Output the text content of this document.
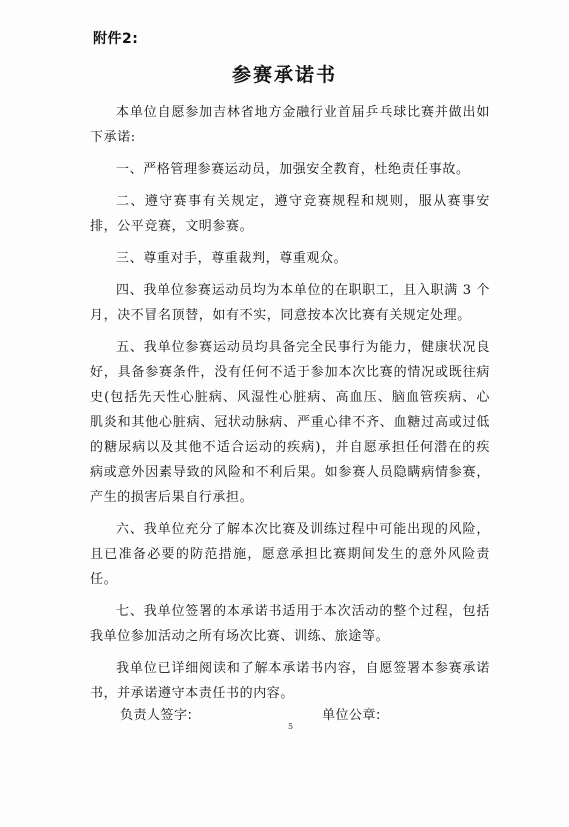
附件2:
参赛承诺书

本单位自愿参加吉林省地方金融行业首届乒乓球比赛并做出如下承诺:

一、严格管理参赛运动员，加强安全教育，杜绝责任事故。

二、遵守赛事有关规定，遵守竞赛规程和规则，服从赛事安排，公平竞赛，文明参赛。

三、尊重对手，尊重裁判，尊重观众。

四、我单位参赛运动员均为本单位的在职职工，且入职满 3 个月，决不冒名顶替，如有不实，同意按本次比赛有关规定处理。

五、我单位参赛运动员均具备完全民事行为能力，健康状况良好，具备参赛条件，没有任何不适于参加本次比赛的情况或既往病史(包括先天性心脏病、风湿性心脏病、高血压、脑血管疾病、心肌炎和其他心脏病、冠状动脉病、严重心律不齐、血糖过高或过低的糖尿病以及其他不适合运动的疾病)，并自愿承担任何潜在的疾病或意外因素导致的风险和不利后果。如参赛人员隐瞒病情参赛，产生的损害后果自行承担。

六、我单位充分了解本次比赛及训练过程中可能出现的风险，且已准备必要的防范措施，愿意承担比赛期间发生的意外风险责任。

七、我单位签署的本承诺书适用于本次活动的整个过程，包括我单位参加活动之所有场次比赛、训练、旅途等。

我单位已详细阅读和了解本承诺书内容，自愿签署本参赛承诺书，并承诺遵守本责任书的内容。

负责人签字:	单位公章:
5
